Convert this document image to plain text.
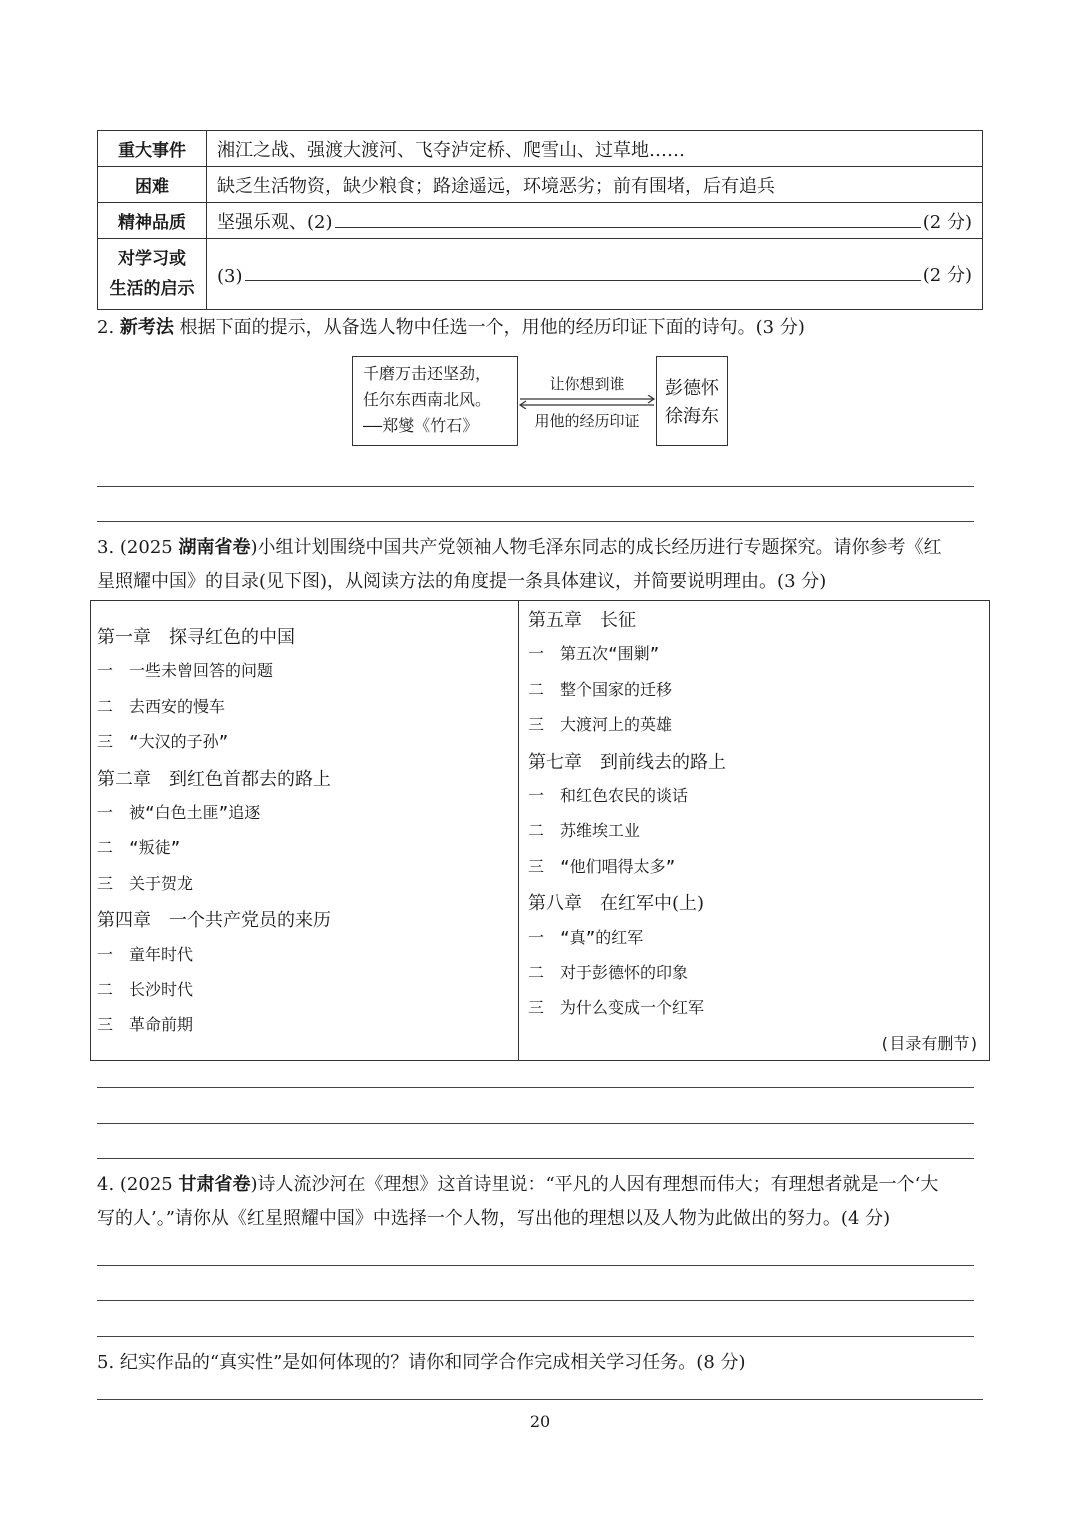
重大事件	湘江之战、强渡大渡河、飞夺泸定桥、爬雪山、过草地……
困难	缺乏生活物资，缺少粮食；路途遥远，环境恶劣；前有围堵，后有追兵
精神品质	坚强乐观、(2) (2 分)

对学习或
生活的启示	(3) (2 分)
2. 新考法 根据下面的提示，从备选人物中任选一个，用他的经历印证下面的诗句。(3 分)
千磨万击还坚劲，
任尔东西南北风。
——郑燮《竹石》
让你想到谁
用他的经历印证
彭德怀
徐海东
3. (2025 湖南省卷)小组计划围绕中国共产党领袖人物毛泽东同志的成长经历进行专题探究。请你参考《红
星照耀中国》的目录(见下图)，从阅读方法的角度提一条具体建议，并简要说明理由。(3 分)
第一章　探寻红色的中国
一　一些未曾回答的问题
二　去西安的慢车
三　“大汉的子孙”
第二章　到红色首都去的路上
一　被“白色土匪”追逐
二　“叛徒”
三　关于贺龙
第四章　一个共产党员的来历
一　童年时代
二　长沙时代
三　革命前期
第五章　长征
一　第五次“围剿”
二　整个国家的迁移
三　大渡河上的英雄
第七章　到前线去的路上
一　和红色农民的谈话
二　苏维埃工业
三　“他们唱得太多”
第八章　在红军中(上)
一　“真”的红军
二　对于彭德怀的印象
三　为什么变成一个红军
(目录有删节)
4. (2025 甘肃省卷)诗人流沙河在《理想》这首诗里说：“平凡的人因有理想而伟大；有理想者就是一个‘大
写的人’。”请你从《红星照耀中国》中选择一个人物，写出他的理想以及人物为此做出的努力。(4 分)
5. 纪实作品的“真实性”是如何体现的？请你和同学合作完成相关学习任务。(8 分)
20
